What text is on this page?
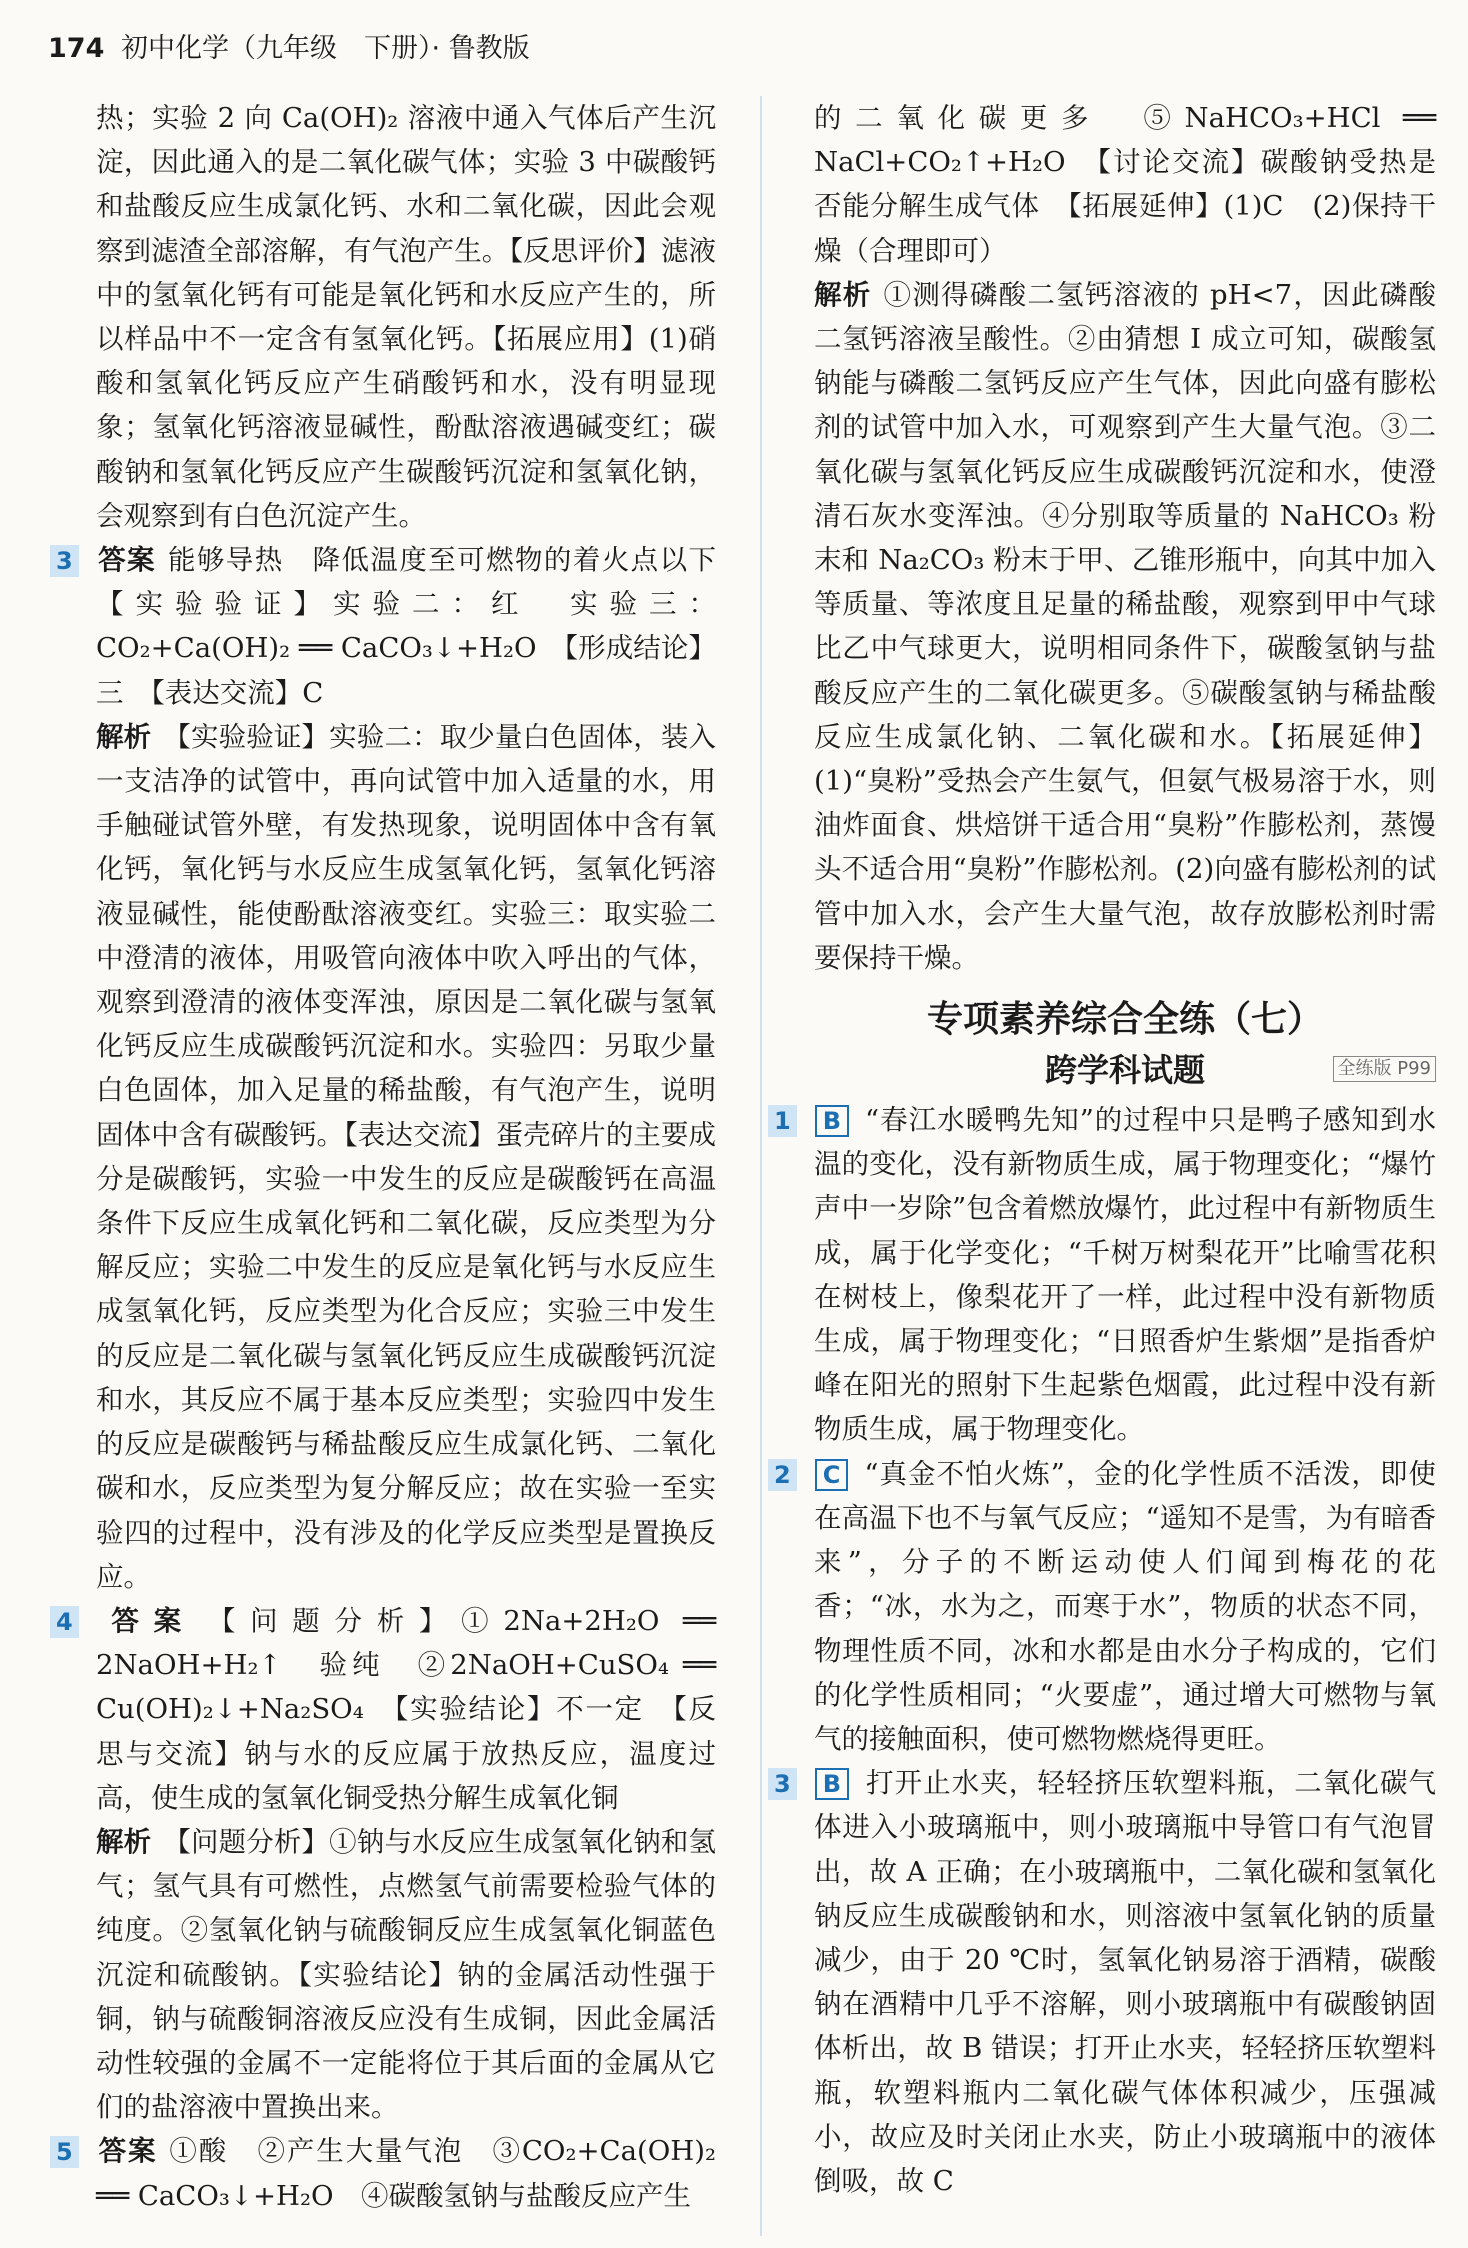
174 初中化学（九年级　下册）· 鲁教版

热；实验 2 向 Ca(OH)₂ 溶液中通入气体后产生沉淀，因此通入的是二氧化碳气体；实验 3 中碳酸钙和盐酸反应生成氯化钙、水和二氧化碳，因此会观察到滤渣全部溶解，有气泡产生。【反思评价】滤液中的氢氧化钙有可能是氧化钙和水反应产生的，所以样品中不一定含有氢氧化钙。【拓展应用】(1)硝酸和氢氧化钙反应产生硝酸钙和水，没有明显现象；氢氧化钙溶液显碱性，酚酞溶液遇碱变红；碳酸钠和氢氧化钙反应产生碳酸钙沉淀和氢氧化钠，会观察到有白色沉淀产生。

3 答案 能够导热　降低温度至可燃物的着火点以下　【实验验证】实验二：红　实验三：CO₂+Ca(OH)₂ ══ CaCO₃↓+H₂O　【形成结论】三　【表达交流】C

解析 【实验验证】实验二：取少量白色固体，装入一支洁净的试管中，再向试管中加入适量的水，用手触碰试管外壁，有发热现象，说明固体中含有氧化钙，氧化钙与水反应生成氢氧化钙，氢氧化钙溶液显碱性，能使酚酞溶液变红。实验三：取实验二中澄清的液体，用吸管向液体中吹入呼出的气体，观察到澄清的液体变浑浊，原因是二氧化碳与氢氧化钙反应生成碳酸钙沉淀和水。实验四：另取少量白色固体，加入足量的稀盐酸，有气泡产生，说明固体中含有碳酸钙。【表达交流】蛋壳碎片的主要成分是碳酸钙，实验一中发生的反应是碳酸钙在高温条件下反应生成氧化钙和二氧化碳，反应类型为分解反应；实验二中发生的反应是氧化钙与水反应生成氢氧化钙，反应类型为化合反应；实验三中发生的反应是二氧化碳与氢氧化钙反应生成碳酸钙沉淀和水，其反应不属于基本反应类型；实验四中发生的反应是碳酸钙与稀盐酸反应生成氯化钙、二氧化碳和水，反应类型为复分解反应；故在实验一至实验四的过程中，没有涉及的化学反应类型是置换反应。

4 答案 【问题分析】①2Na+2H₂O ══ 2NaOH+H₂↑　验纯　②2NaOH+CuSO₄ ══ Cu(OH)₂↓+Na₂SO₄　【实验结论】不一定　【反思与交流】钠与水的反应属于放热反应，温度过高，使生成的氢氧化铜受热分解生成氧化铜

解析 【问题分析】①钠与水反应生成氢氧化钠和氢气；氢气具有可燃性，点燃氢气前需要检验气体的纯度。②氢氧化钠与硫酸铜反应生成氢氧化铜蓝色沉淀和硫酸钠。【实验结论】钠的金属活动性强于铜，钠与硫酸铜溶液反应没有生成铜，因此金属活动性较强的金属不一定能将位于其后面的金属从它们的盐溶液中置换出来。

5 答案 ①酸　②产生大量气泡　③CO₂+Ca(OH)₂ ══ CaCO₃↓+H₂O　④碳酸氢钠与盐酸反应产生

的二氧化碳更多　⑤NaHCO₃+HCl ══ NaCl+CO₂↑+H₂O　【讨论交流】碳酸钠受热是否能分解生成气体　【拓展延伸】(1)C　(2)保持干燥（合理即可）

解析 ①测得磷酸二氢钙溶液的 pH<7，因此磷酸二氢钙溶液呈酸性。②由猜想 Ⅰ 成立可知，碳酸氢钠能与磷酸二氢钙反应产生气体，因此向盛有膨松剂的试管中加入水，可观察到产生大量气泡。③二氧化碳与氢氧化钙反应生成碳酸钙沉淀和水，使澄清石灰水变浑浊。④分别取等质量的 NaHCO₃ 粉末和 Na₂CO₃ 粉末于甲、乙锥形瓶中，向其中加入等质量、等浓度且足量的稀盐酸，观察到甲中气球比乙中气球更大，说明相同条件下，碳酸氢钠与盐酸反应产生的二氧化碳更多。⑤碳酸氢钠与稀盐酸反应生成氯化钠、二氧化碳和水。【拓展延伸】(1)“臭粉”受热会产生氨气，但氨气极易溶于水，则油炸面食、烘焙饼干适合用“臭粉”作膨松剂，蒸馒头不适合用“臭粉”作膨松剂。(2)向盛有膨松剂的试管中加入水，会产生大量气泡，故存放膨松剂时需要保持干燥。

专项素养综合全练（七）
跨学科试题	全练版 P99

1 B “春江水暖鸭先知”的过程中只是鸭子感知到水温的变化，没有新物质生成，属于物理变化；“爆竹声中一岁除”包含着燃放爆竹，此过程中有新物质生成，属于化学变化；“千树万树梨花开”比喻雪花积在树枝上，像梨花开了一样，此过程中没有新物质生成，属于物理变化；“日照香炉生紫烟”是指香炉峰在阳光的照射下生起紫色烟霞，此过程中没有新物质生成，属于物理变化。

2 C “真金不怕火炼”，金的化学性质不活泼，即使在高温下也不与氧气反应；“遥知不是雪，为有暗香来”，分子的不断运动使人们闻到梅花的花香；“冰，水为之，而寒于水”，物质的状态不同，物理性质不同，冰和水都是由水分子构成的，它们的化学性质相同；“火要虚”，通过增大可燃物与氧气的接触面积，使可燃物燃烧得更旺。

3 B 打开止水夹，轻轻挤压软塑料瓶，二氧化碳气体进入小玻璃瓶中，则小玻璃瓶中导管口有气泡冒出，故 A 正确；在小玻璃瓶中，二氧化碳和氢氧化钠反应生成碳酸钠和水，则溶液中氢氧化钠的质量减少，由于 20 ℃时，氢氧化钠易溶于酒精，碳酸钠在酒精中几乎不溶解，则小玻璃瓶中有碳酸钠固体析出，故 B 错误；打开止水夹，轻轻挤压软塑料瓶，软塑料瓶内二氧化碳气体体积减少，压强减小，故应及时关闭止水夹，防止小玻璃瓶中的液体倒吸，故 C
